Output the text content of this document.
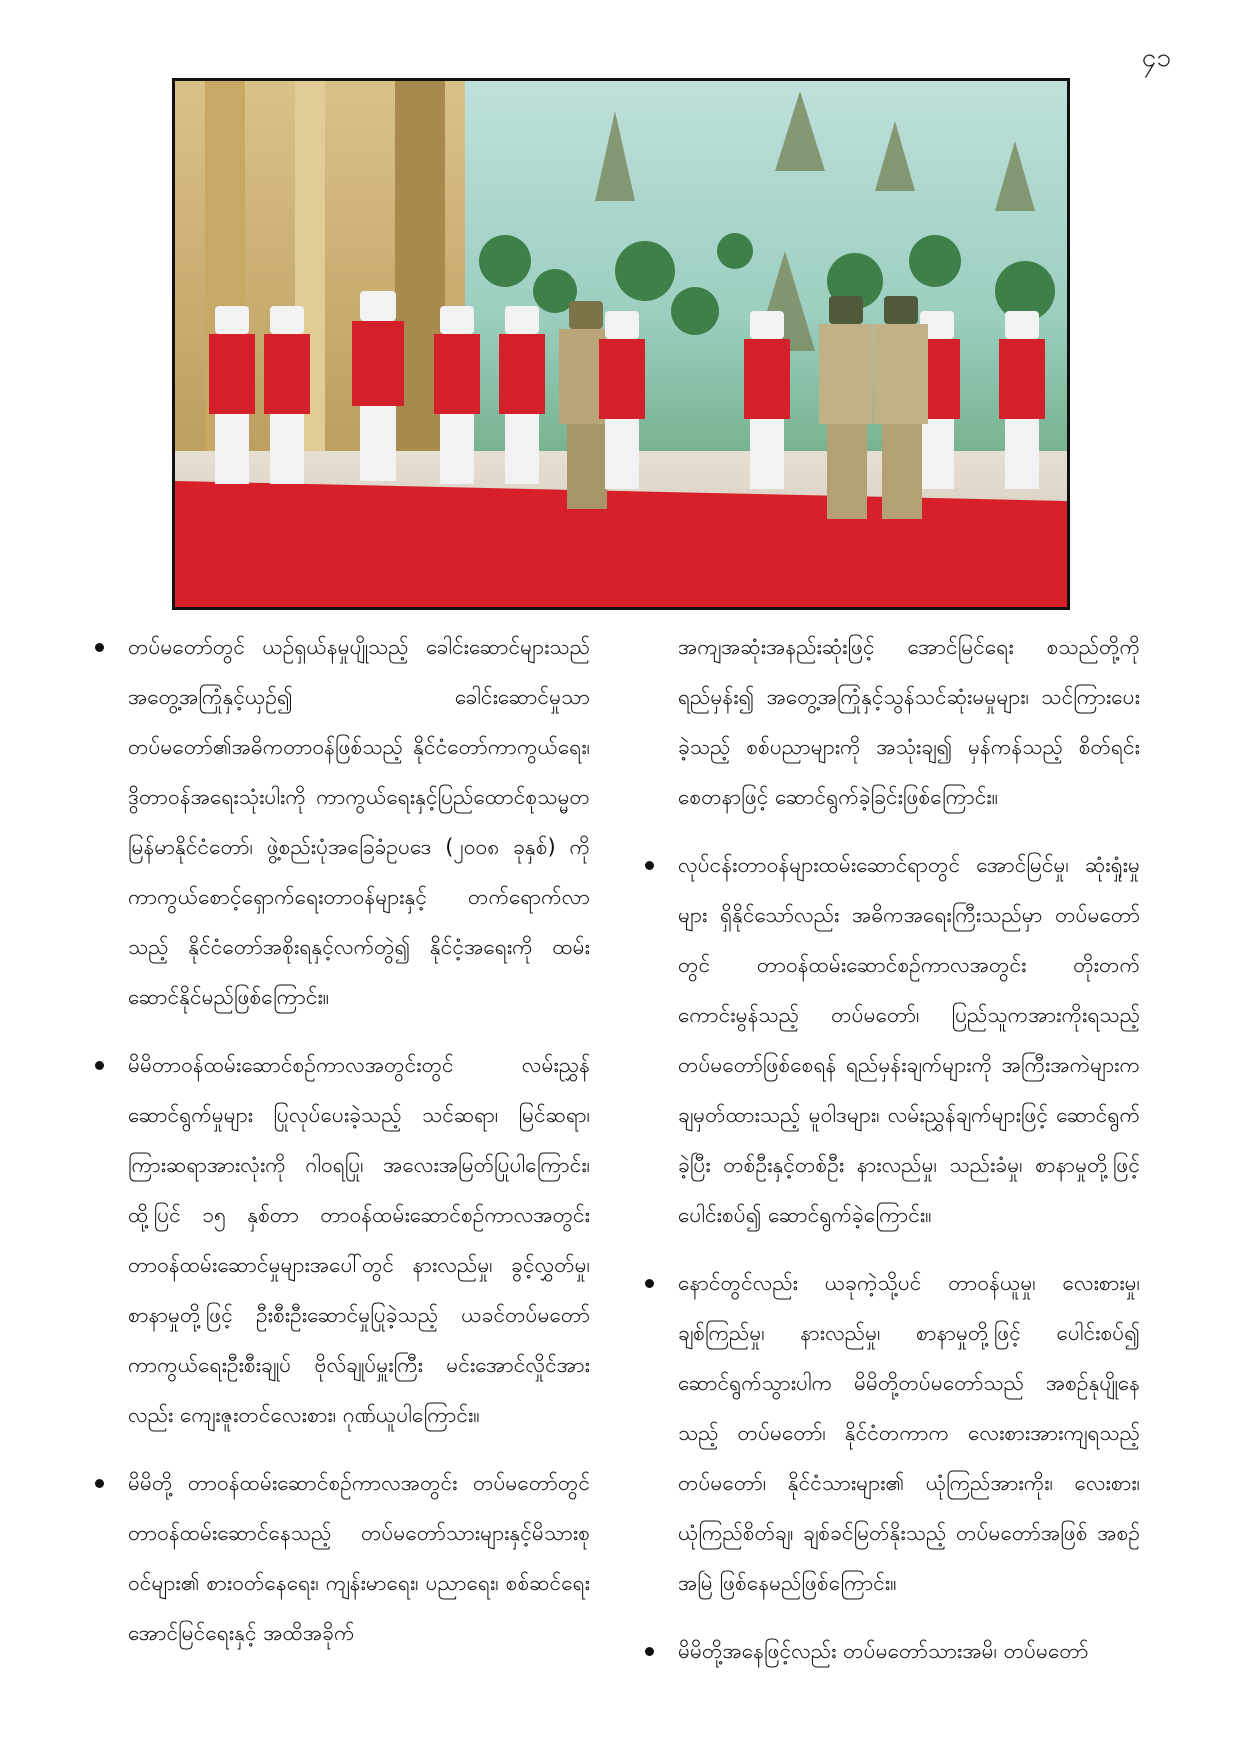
၄၁
တပ်မတော်တွင် ယဉ်ရှယ်နမှုပျိုသည့် ခေါင်းဆောင်များသည် အတွေ့အကြုံနှင့်ယှဉ်၍ ခေါင်းဆောင်မှုသာ တပ်မတော်၏အဓိကတာဝန်ဖြစ်သည့် နိုင်ငံတော်ကာကွယ်ရေး၊ ဒွိတာဝန်အရေးသုံးပါးကို ကာကွယ်ရေးနှင့်ပြည်ထောင်စုသမ္မတမြန်မာနိုင်ငံတော်၊ ဖွဲ့စည်းပုံအခြေခံဥပဒေ (၂၀၀၈ ခုနှစ်) ကို ကာကွယ်စောင့်ရှောက်ရေးတာဝန်များနှင့် တက်ရောက်လာသည့် နိုင်ငံတော်အစိုးရနှင့်လက်တွဲ၍ နိုင်ငံ့အရေးကို ထမ်းဆောင်နိုင်မည်ဖြစ်ကြောင်း။
မိမိတာဝန်ထမ်းဆောင်စဉ်ကာလအတွင်းတွင် လမ်းညွှန်ဆောင်ရွက်မှုများ ပြုလုပ်ပေးခဲ့သည့် သင်ဆရာ၊ မြင်ဆရာ၊ ကြားဆရာအားလုံးကို ဂါဝရပြု၊ အလေးအမြတ်ပြုပါကြောင်း၊ ထို့ပြင် ၁၅ နှစ်တာ တာဝန်ထမ်းဆောင်စဉ်ကာလအတွင်း တာဝန်ထမ်းဆောင်မှုများအပေါ်တွင် နားလည်မှု၊ ခွင့်လွှတ်မှု၊ စာနာမှုတို့ဖြင့် ဦးစီးဦးဆောင်မှုပြုခဲ့သည့် ယခင်တပ်မတော်ကာကွယ်ရေးဦးစီးချုပ် ဗိုလ်ချုပ်မှူးကြီး မင်းအောင်လှိုင်အားလည်း ကျေးဇူးတင်လေးစား၊ ဂုဏ်ယူပါကြောင်း။
မိမိတို့ တာဝန်ထမ်းဆောင်စဉ်ကာလအတွင်း တပ်မတော်တွင်တာဝန်ထမ်းဆောင်နေသည့် တပ်မတော်သားများနှင့်မိသားစုဝင်များ၏ စားဝတ်နေရေး၊ ကျန်းမာရေး၊ ပညာရေး၊ စစ်ဆင်ရေးအောင်မြင်ရေးနှင့် အထိအခိုက်
အကျအဆုံးအနည်းဆုံးဖြင့် အောင်မြင်ရေး စသည်တို့ကို ရည်မှန်း၍ အတွေ့အကြုံနှင့်သွန်သင်ဆုံးမမှုများ၊ သင်ကြားပေးခဲ့သည့် စစ်ပညာများကို အသုံးချ၍ မှန်ကန်သည့် စိတ်ရင်းစေတနာဖြင့် ဆောင်ရွက်ခဲ့ခြင်းဖြစ်ကြောင်း။
လုပ်ငန်းတာဝန်များထမ်းဆောင်ရာတွင် အောင်မြင်မှု၊ ဆုံးရှုံးမှုများ ရှိနိုင်သော်လည်း အဓိကအရေးကြီးသည်မှာ တပ်မတော်တွင် တာဝန်ထမ်းဆောင်စဉ်ကာလအတွင်း တိုးတက်ကောင်းမွန်သည့် တပ်မတော်၊ ပြည်သူကအားကိုးရသည့် တပ်မတော်ဖြစ်စေရန် ရည်မှန်းချက်များကို အကြီးအကဲများက ချမှတ်ထားသည့် မူဝါဒများ၊ လမ်းညွှန်ချက်များဖြင့် ဆောင်ရွက်ခဲ့ပြီး တစ်ဦးနှင့်တစ်ဦး နားလည်မှု၊ သည်းခံမှု၊ စာနာမှုတို့ဖြင့် ပေါင်းစပ်၍ ဆောင်ရွက်ခဲ့ကြောင်း။
နောင်တွင်လည်း ယခုကဲ့သို့ပင် တာဝန်ယူမှု၊ လေးစားမှု၊ ချစ်ကြည်မှု၊ နားလည်မှု၊ စာနာမှုတို့ဖြင့် ပေါင်းစပ်၍ ဆောင်ရွက်သွားပါက မိမိတို့တပ်မတော်သည် အစဉ်နုပျိုနေသည့် တပ်မတော်၊ နိုင်ငံတကာက လေးစားအားကျရသည့်တပ်မတော်၊ နိုင်ငံသားများ၏ ယုံကြည်အားကိုး၊ လေးစား၊ ယုံကြည်စိတ်ချ၊ ချစ်ခင်မြတ်နိုးသည့် တပ်မတော်အဖြစ် အစဉ်အမြဲ ဖြစ်နေမည်ဖြစ်ကြောင်း။
မိမိတို့အနေဖြင့်လည်း တပ်မတော်သားအမိ၊ တပ်မတော်
